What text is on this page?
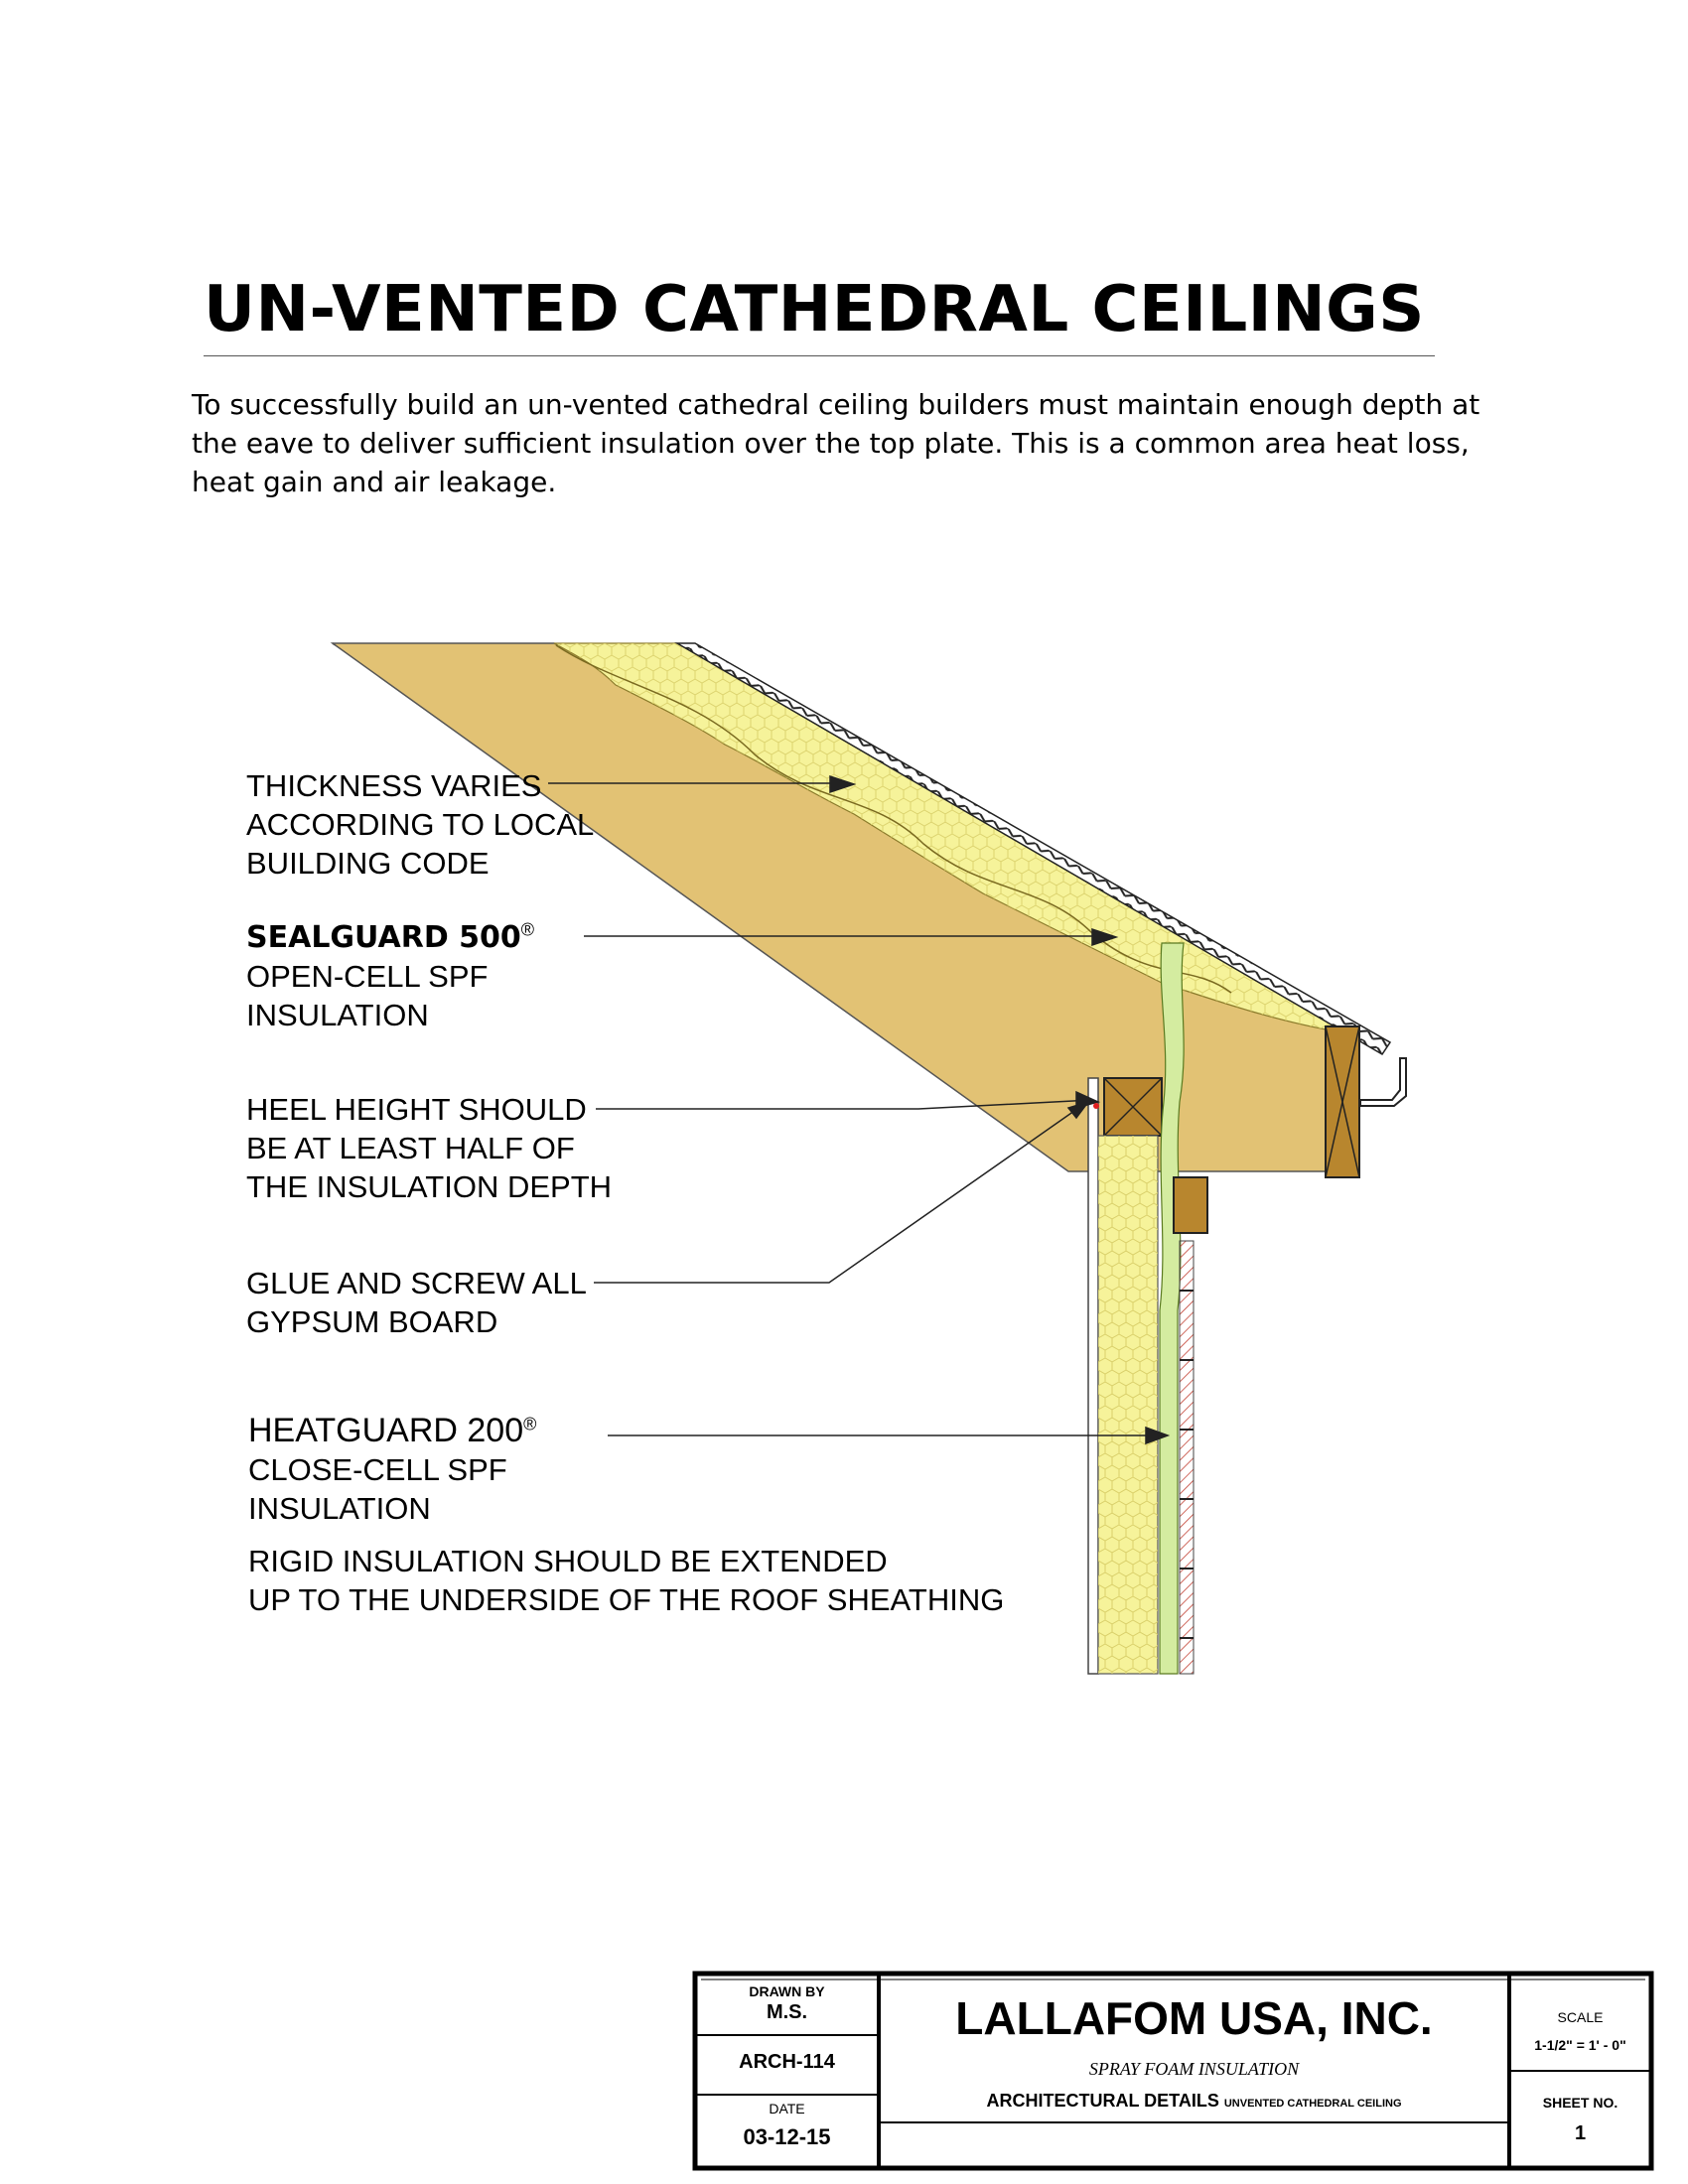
UN-VENTED CATHEDRAL CEILINGS
To successfully build an un-vented cathedral ceiling builders must maintain enough depth at the eave to deliver sufficient insulation over the top plate. This is a common area heat loss, heat gain and air leakage.
THICKNESS VARIES
ACCORDING TO LOCAL
BUILDING CODE
SEALGUARD 500®
OPEN-CELL SPF
INSULATION
HEEL HEIGHT SHOULD
BE AT LEAST HALF OF
THE INSULATION DEPTH
GLUE AND SCREW ALL
GYPSUM BOARD
HEATGUARD 200®
CLOSE-CELL SPF
INSULATION
RIGID INSULATION SHOULD BE EXTENDED
UP TO THE UNDERSIDE OF THE ROOF SHEATHING
DRAWN BY
M.S.
ARCH-114
DATE
03-12-15
LALLAFOM USA, INC.
SPRAY FOAM INSULATION
ARCHITECTURAL DETAILS UNVENTED CATHEDRAL CEILING
SCALE
1-1/2" = 1' - 0"
SHEET NO.
1
